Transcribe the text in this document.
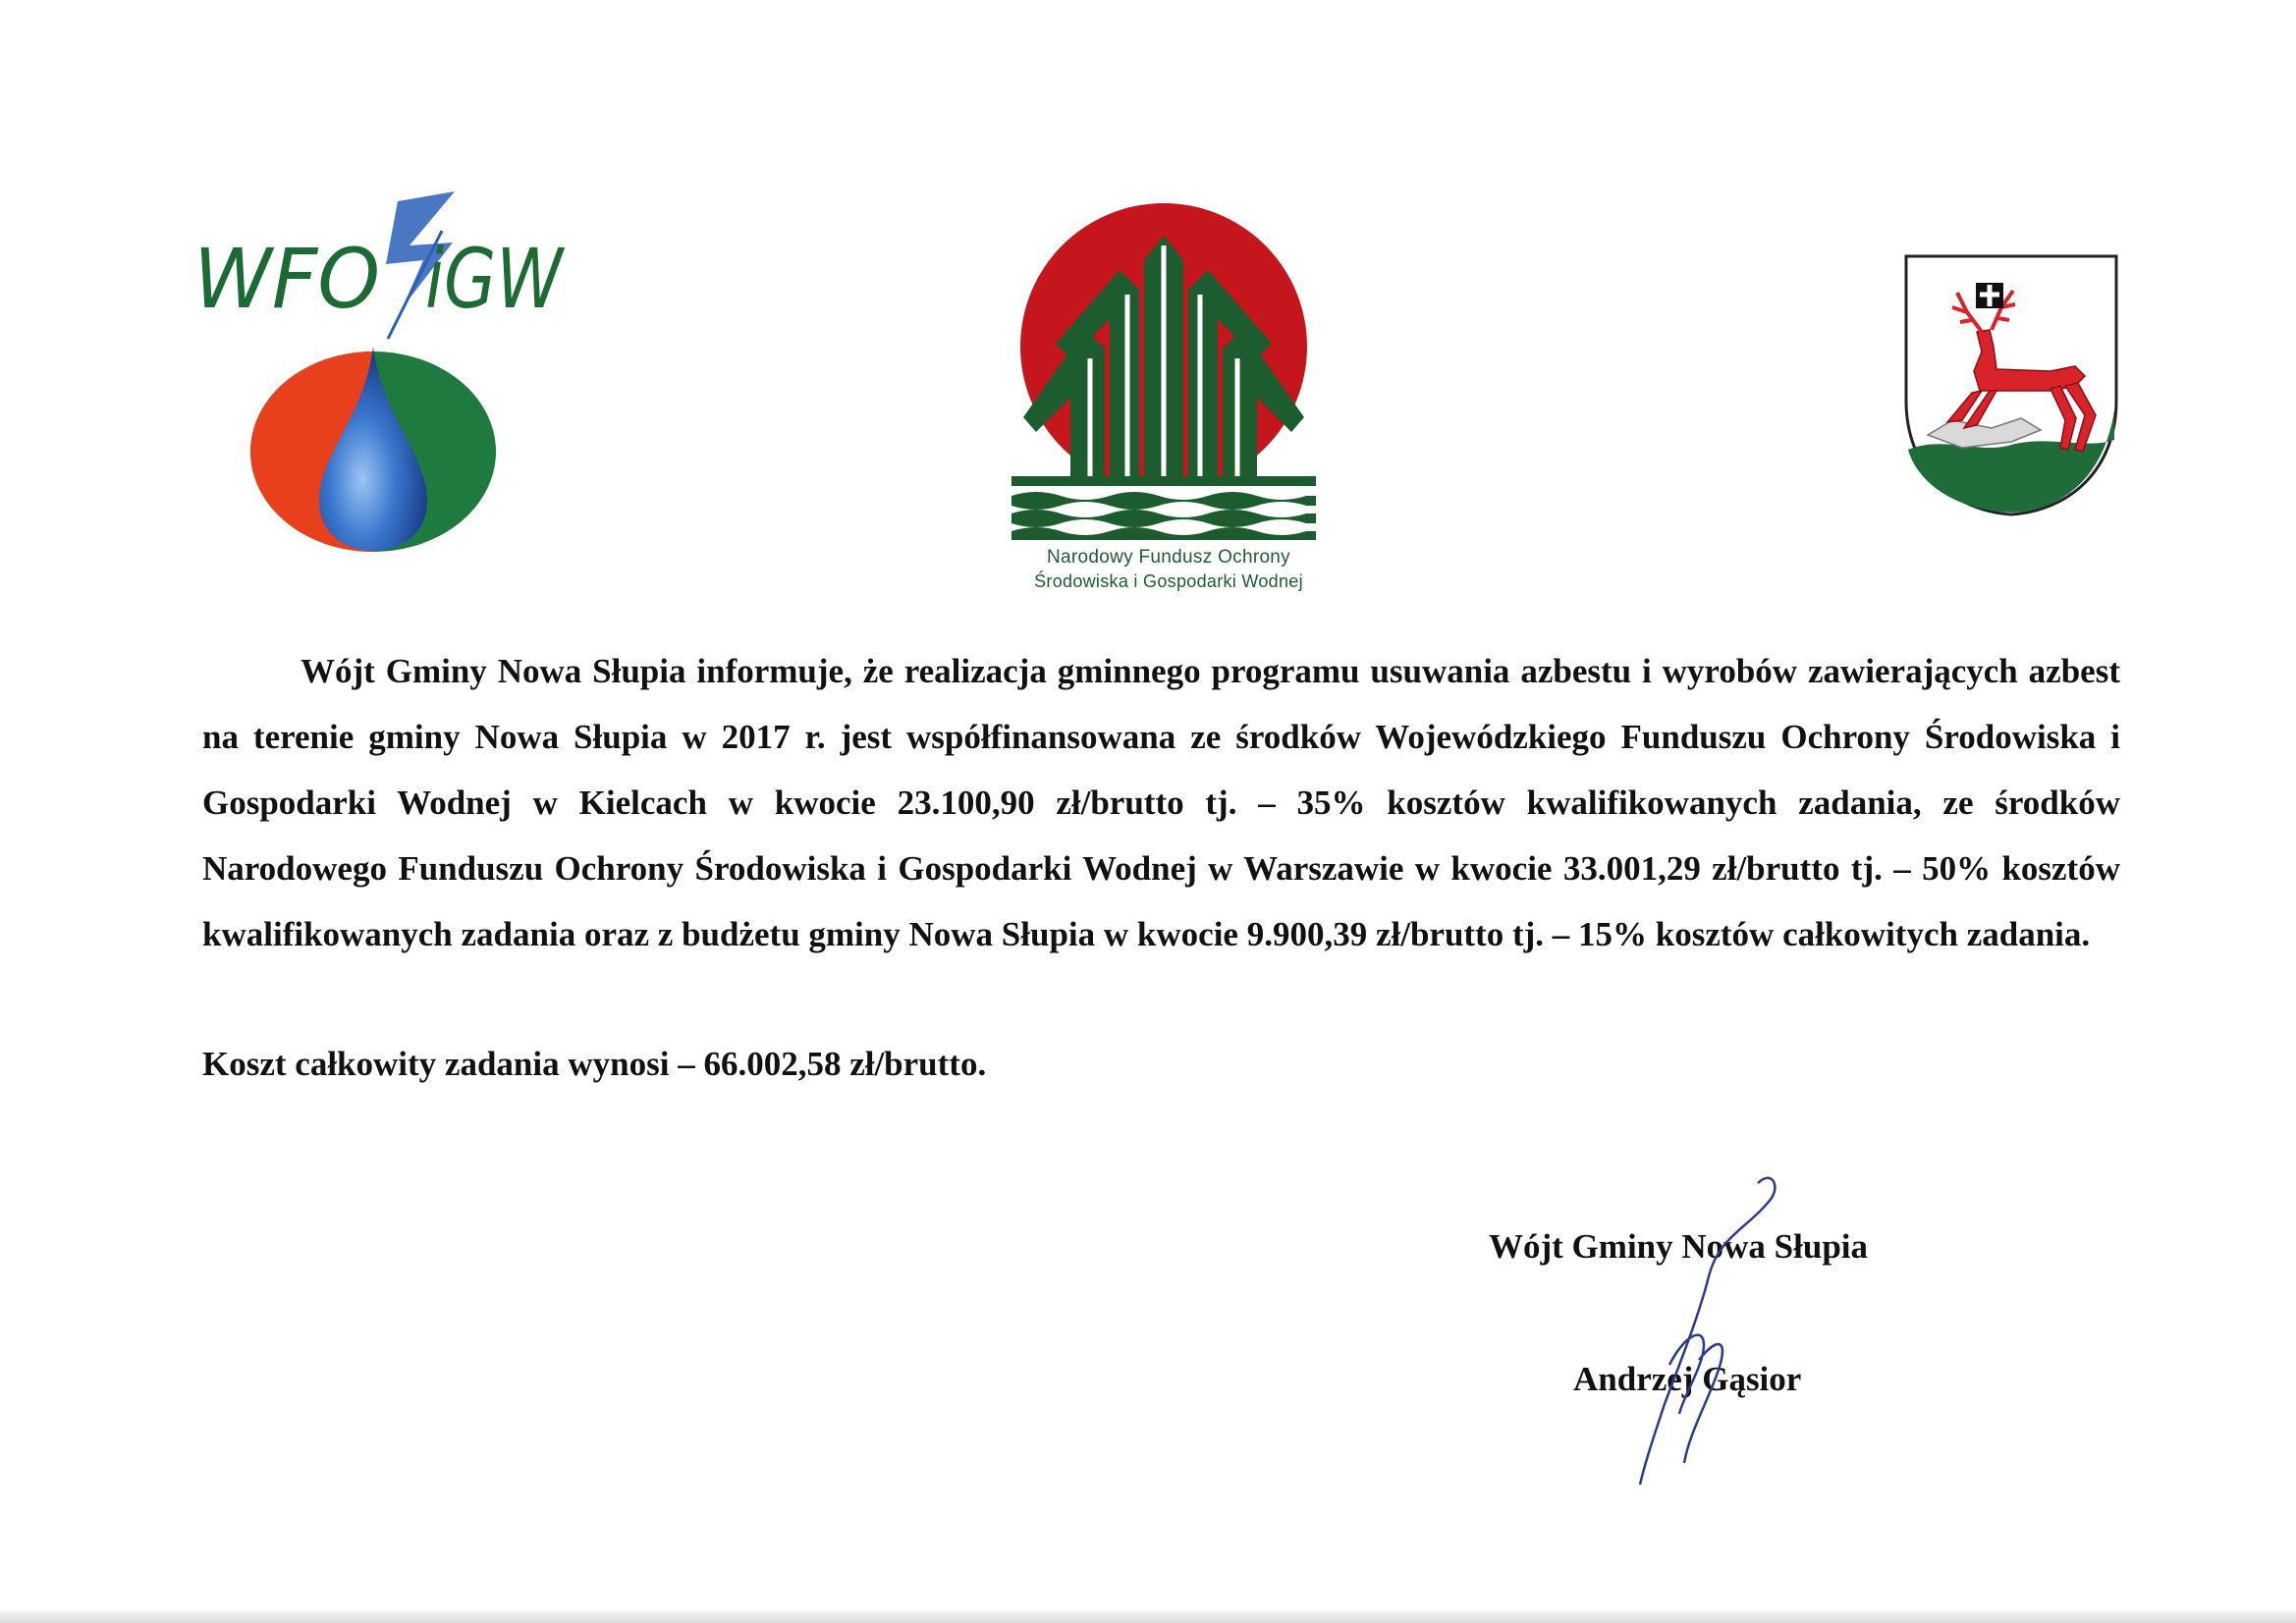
WFO iGW
Narodowy Fundusz Ochrony
Środowiska i Gospodarki Wodnej

Wójt Gminy Nowa Słupia informuje, że realizacja gminnego programu usuwania azbestu i wyrobów zawierających azbest na terenie gminy Nowa Słupia w 2017 r. jest współfinansowana ze środków Wojewódzkiego Funduszu Ochrony Środowiska i Gospodarki Wodnej w Kielcach w kwocie 23.100,90 zł/brutto tj. – 35% kosztów kwalifikowanych zadania, ze środków Narodowego Funduszu Ochrony Środowiska i Gospodarki Wodnej w Warszawie w kwocie 33.001,29 zł/brutto tj. – 50% kosztów kwalifikowanych zadania oraz z budżetu gminy Nowa Słupia w kwocie 9.900,39 zł/brutto tj. – 15% kosztów całkowitych zadania.

Koszt całkowity zadania wynosi – 66.002,58 zł/brutto.
Wójt Gminy Nowa Słupia
Andrzej Gąsior
